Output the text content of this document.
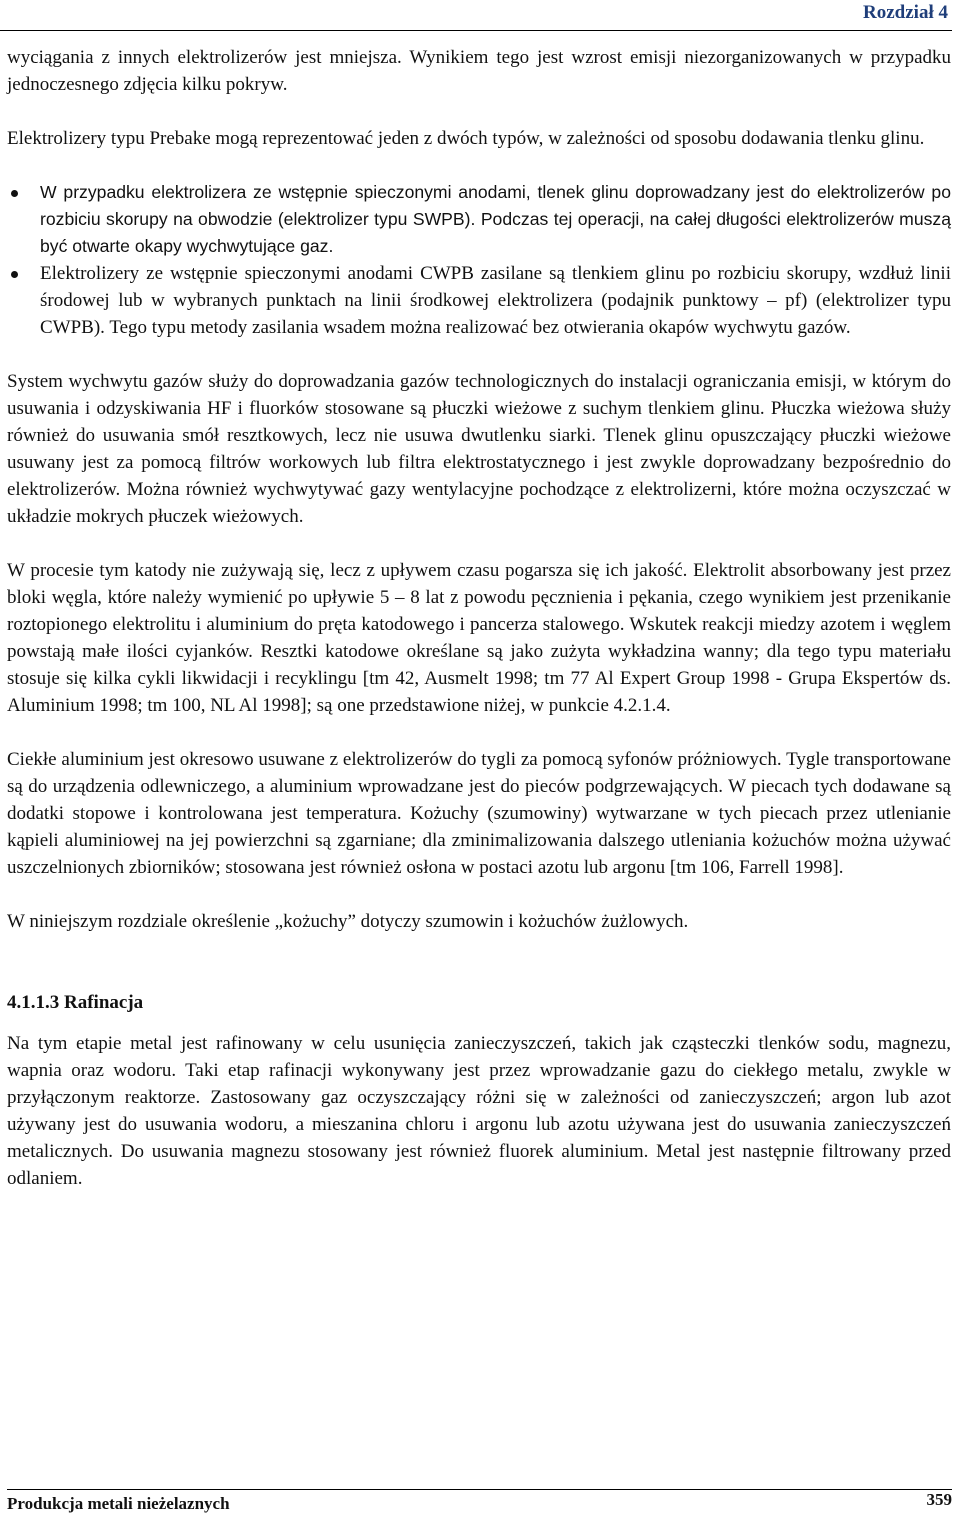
Rozdział 4

wyciągania z innych elektrolizerów jest mniejsza. Wynikiem tego jest wzrost emisji niezorganizowanych w przypadku jednoczesnego zdjęcia kilku pokryw.

Elektrolizery typu Prebake mogą reprezentować jeden z dwóch typów, w zależności od sposobu dodawania tlenku glinu.

W przypadku elektrolizera ze wstępnie spieczonymi anodami, tlenek glinu doprowadzany jest do elektrolizerów po rozbiciu skorupy na obwodzie (elektrolizer typu SWPB). Podczas tej operacji, na całej długości elektrolizerów muszą być otwarte okapy wychwytujące gaz.
Elektrolizery ze wstępnie spieczonymi anodami CWPB zasilane są tlenkiem glinu po rozbiciu skorupy, wzdłuż linii środowej lub w wybranych punktach na linii środkowej elektrolizera (podajnik punktowy – pf) (elektrolizer typu CWPB). Tego typu metody zasilania wsadem można realizować bez otwierania okapów wychwytu gazów.

System wychwytu gazów służy do doprowadzania gazów technologicznych do instalacji ograniczania emisji, w którym do usuwania i odzyskiwania HF i fluorków stosowane są płuczki wieżowe z suchym tlenkiem glinu. Płuczka wieżowa służy również do usuwania smół resztkowych, lecz nie usuwa dwutlenku siarki. Tlenek glinu opuszczający płuczki wieżowe usuwany jest za pomocą filtrów workowych lub filtra elektrostatycznego i jest zwykle doprowadzany bezpośrednio do elektrolizerów. Można również wychwytywać gazy wentylacyjne pochodzące z elektrolizerni, które można oczyszczać w układzie mokrych płuczek wieżowych.

W procesie tym katody nie zużywają się, lecz z upływem czasu pogarsza się ich jakość. Elektrolit absorbowany jest przez bloki węgla, które należy wymienić po upływie 5 – 8 lat z powodu pęcznienia i pękania, czego wynikiem jest przenikanie roztopionego elektrolitu i aluminium do pręta katodowego i pancerza stalowego. Wskutek reakcji miedzy azotem i węglem powstają małe ilości cyjanków. Resztki katodowe określane są jako zużyta wykładzina wanny; dla tego typu materiału stosuje się kilka cykli likwidacji i recyklingu [tm 42, Ausmelt 1998; tm 77 Al Expert Group 1998 - Grupa Ekspertów ds. Aluminium 1998; tm 100, NL Al 1998]; są one przedstawione niżej, w punkcie 4.2.1.4.

Ciekłe aluminium jest okresowo usuwane z elektrolizerów do tygli za pomocą syfonów próżniowych. Tygle transportowane są do urządzenia odlewniczego, a aluminium wprowadzane jest do pieców podgrzewających. W piecach tych dodawane są dodatki stopowe i kontrolowana jest temperatura. Kożuchy (szumowiny) wytwarzane w tych piecach przez utlenianie kąpieli aluminiowej na jej powierzchni są zgarniane; dla zminimalizowania dalszego utleniania kożuchów można używać uszczelnionych zbiorników; stosowana jest również osłona w postaci azotu lub argonu [tm 106, Farrell 1998].

W niniejszym rozdziale określenie „kożuchy” dotyczy szumowin i kożuchów żużlowych.

4.1.1.3 Rafinacja

Na tym etapie metal jest rafinowany w celu usunięcia zanieczyszczeń, takich jak cząsteczki tlenków sodu, magnezu, wapnia oraz wodoru. Taki etap rafinacji wykonywany jest przez wprowadzanie gazu do ciekłego metalu, zwykle w przyłączonym reaktorze. Zastosowany gaz oczyszczający różni się w zależności od zanieczyszczeń; argon lub azot używany jest do usuwania wodoru, a mieszanina chloru i argonu lub azotu używana jest do usuwania zanieczyszczeń metalicznych. Do usuwania magnezu stosowany jest również fluorek aluminium. Metal jest następnie filtrowany przed odlaniem.

Produkcja metali nieżelaznych	359
